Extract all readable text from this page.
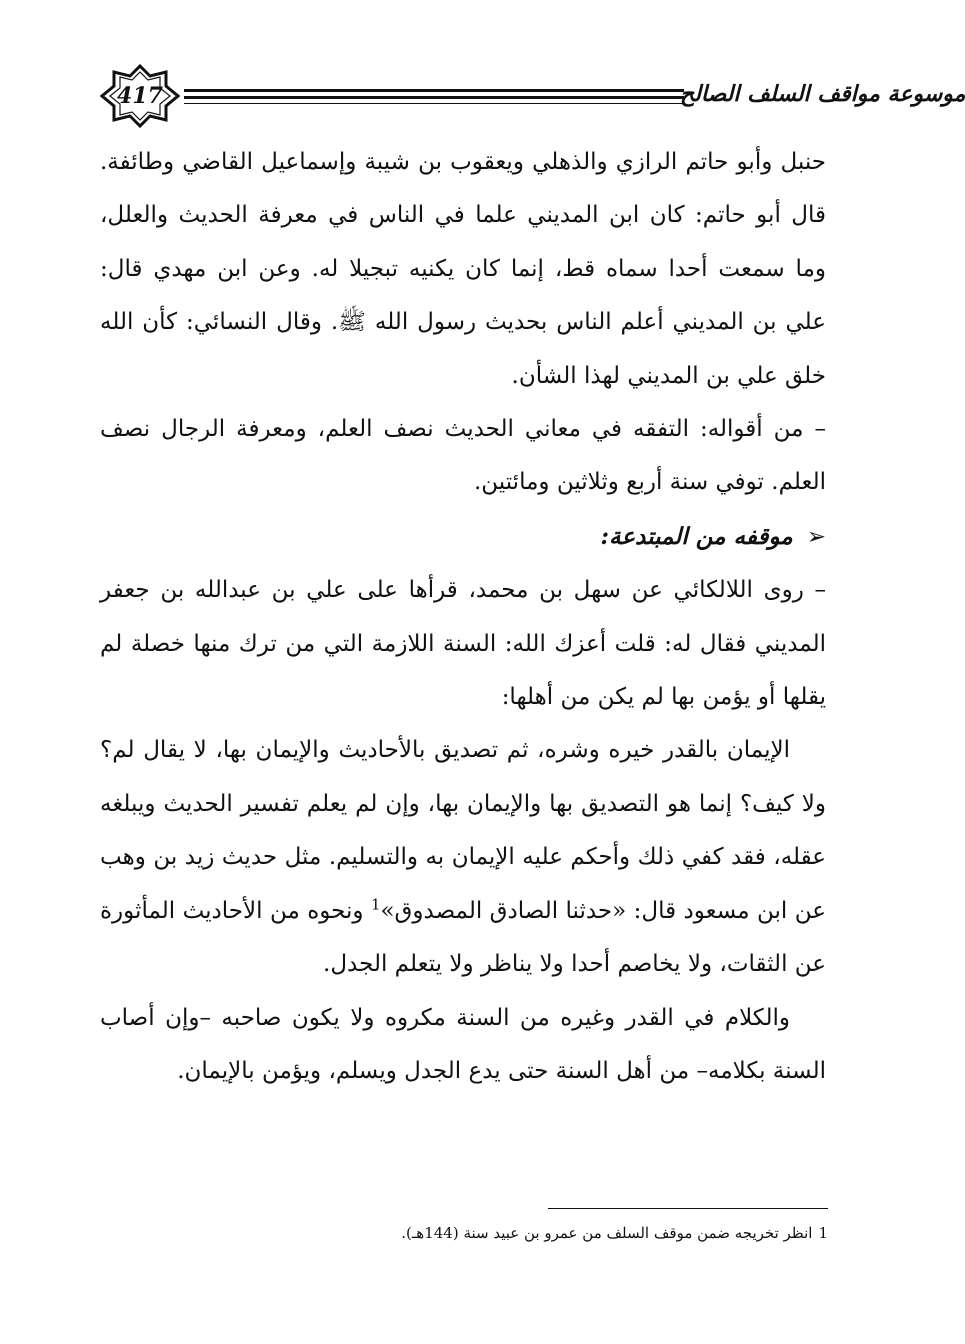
417	موسوعة مواقف السلف الصالح

حنبل وأبو حاتم الرازي والذهلي ويعقوب بن شيبة وإسماعيل القاضي وطائفة. قال أبو حاتم: كان ابن المديني علما في الناس في معرفة الحديث والعلل، وما سمعت أحدا سماه قط، إنما كان يكنيه تبجيلا له. وعن ابن مهدي قال: علي بن المديني أعلم الناس بحديث رسول الله ﷺ. وقال النسائي: كأن الله خلق علي بن المديني لهذا الشأن.

– من أقواله: التفقه في معاني الحديث نصف العلم، ومعرفة الرجال نصف العلم. توفي سنة أربع وثلاثين ومائتين.

➢موقفه من المبتدعة:

– روى اللالكائي عن سهل بن محمد، قرأها على علي بن عبدالله بن جعفر المديني فقال له: قلت أعزك الله: السنة اللازمة التي من ترك منها خصلة لم يقلها أو يؤمن بها لم يكن من أهلها:

الإيمان بالقدر خيره وشره، ثم تصديق بالأحاديث والإيمان بها، لا يقال لم؟ ولا كيف؟ إنما هو التصديق بها والإيمان بها، وإن لم يعلم تفسير الحديث ويبلغه عقله، فقد كفي ذلك وأحكم عليه الإيمان به والتسليم. مثل حديث زيد بن وهب عن ابن مسعود قال: «حدثنا الصادق المصدوق»$^1$ ونحوه من الأحاديث المأثورة عن الثقات، ولا يخاصم أحدا ولا يناظر ولا يتعلم الجدل.

والكلام في القدر وغيره من السنة مكروه ولا يكون صاحبه –وإن أصاب السنة بكلامه– من أهل السنة حتى يدع الجدل ويسلم، ويؤمن بالإيمان.

1انظر تخريجه ضمن موقف السلف من عمرو بن عبيد سنة (144هـ).
